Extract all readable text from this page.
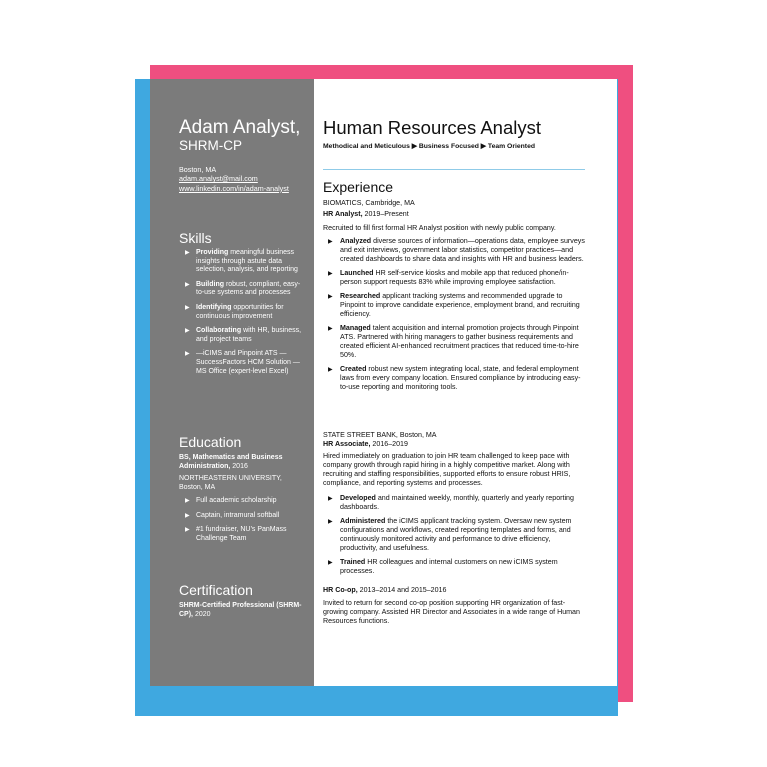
Adam Analyst,
SHRM-CP
Boston, MA
adam.analyst@mail.com
www.linkedin.com/in/adam-analyst
Skills
▶ Providing meaningful business insights through astute data selection, analysis, and reporting
▶ Building robust, compliant, easy-to-use systems and processes
▶ Identifying opportunities for continuous improvement
▶ Collaborating with HR, business, and project teams
▶ —iCIMS and Pinpoint ATS —SuccessFactors HCM Solution —MS Office (expert-level Excel)
Education
BS, Mathematics and Business Administration, 2016
NORTHEASTERN UNIVERSITY, Boston, MA
▶ Full academic scholarship
▶ Captain, intramural softball
▶ #1 fundraiser, NU’s PanMass Challenge Team
Certification
SHRM-Certified Professional (SHRM-CP), 2020
Human Resources Analyst
Methodical and Meticulous ▶ Business Focused ▶ Team Oriented
Experience
BIOMATICS, Cambridge, MA
HR Analyst, 2019–Present
Recruited to fill first formal HR Analyst position with newly public company.
▶ Analyzed diverse sources of information—operations data, employee surveys and exit interviews, government labor statistics, competitor practices—and created dashboards to share data and insights with HR and business leaders.
▶ Launched HR self-service kiosks and mobile app that reduced phone/in-person support requests 83% while improving employee satisfaction.
▶ Researched applicant tracking systems and recommended upgrade to Pinpoint to improve candidate experience, employment brand, and recruiting efficiency.
▶ Managed talent acquisition and internal promotion projects through Pinpoint ATS. Partnered with hiring managers to gather business requirements and created efficient AI-enhanced recruitment practices that reduced time-to-hire 50%.
▶ Created robust new system integrating local, state, and federal employment laws from every company location. Ensured compliance by introducing easy-to-use reporting and monitoring tools.
STATE STREET BANK, Boston, MA
HR Associate, 2016–2019
Hired immediately on graduation to join HR team challenged to keep pace with company growth through rapid hiring in a highly competitive market. Along with recruiting and staffing responsibilities, supported efforts to ensure robust HRIS, compliance, and reporting systems and processes.
▶ Developed and maintained weekly, monthly, quarterly and yearly reporting dashboards.
▶ Administered the iCIMS applicant tracking system. Oversaw new system configurations and workflows, created reporting templates and forms, and continuously monitored activity and performance to drive efficiency, productivity, and usefulness.
▶ Trained HR colleagues and internal customers on new iCIMS system processes.
HR Co-op, 2013–2014 and 2015–2016
Invited to return for second co-op position supporting HR organization of fast-growing company. Assisted HR Director and Associates in a wide range of Human Resources functions.
